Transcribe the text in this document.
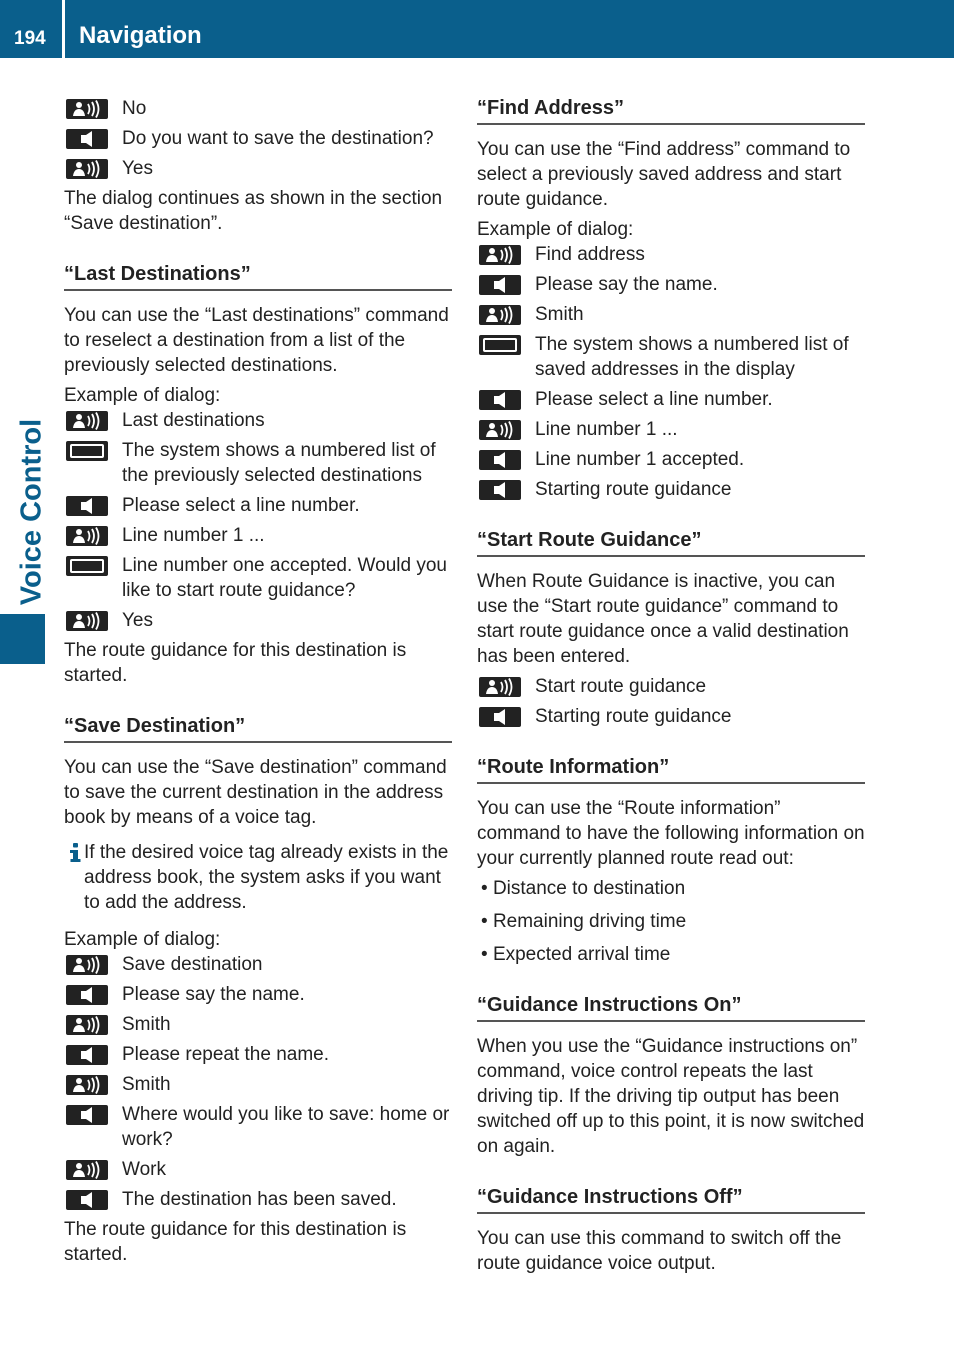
194 Navigation
Voice Control
No
Do you want to save the destination?
Yes

The dialog continues as shown in the section “Save destination”.

“Last Destinations”

You can use the “Last destinations” command to reselect a destination from a list of the previously selected destinations.

Example of dialog:

Last destinations
The system shows a numbered list of the previously selected destinations
Please select a line number.
Line number 1 ...
Line number one accepted. Would you like to start route guidance?
Yes

The route guidance for this destination is started.

“Save Destination”

You can use the “Save destination” command to save the current destination in the address book by means of a voice tag.

If the desired voice tag already exists in the address book, the system asks if you want to add the address.

Example of dialog:

Save destination
Please say the name.
Smith
Please repeat the name.
Smith
Where would you like to save: home or work?
Work
The destination has been saved.

The route guidance for this destination is started.

“Find Address”

You can use the “Find address” command to select a previously saved address and start route guidance.

Example of dialog:

Find address
Please say the name.
Smith
The system shows a numbered list of saved addresses in the display
Please select a line number.
Line number 1 ...
Line number 1 accepted.
Starting route guidance
“Start Route Guidance”

When Route Guidance is inactive, you can use the “Start route guidance” command to start route guidance once a valid destination has been entered.

Start route guidance
Starting route guidance
“Route Information”

You can use the “Route information” command to have the following information on your currently planned route read out:

• Distance to destination
• Remaining driving time
• Expected arrival time
“Guidance Instructions On”

When you use the “Guidance instructions on” command, voice control repeats the last driving tip. If the driving tip output has been switched off up to this point, it is now switched on again.

“Guidance Instructions Off”

You can use this command to switch off the route guidance voice output.
